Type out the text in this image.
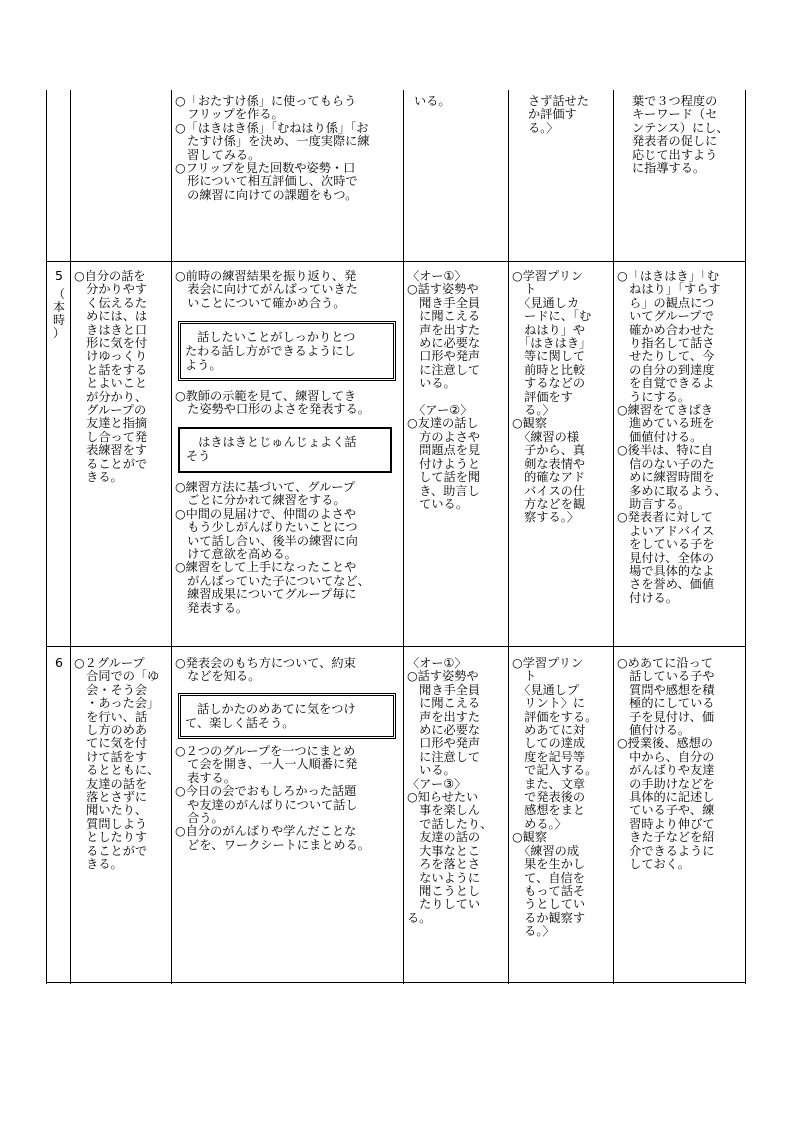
○「おたすけ係」に使ってもらう
　フリップを作る。
○「はきはき係」「むねはり係」「お
　たすけ係」を決め、一度実際に練
　習してみる。
○フリップを見た回数や姿勢・口
　形について相互評価し、次時で
　の練習に向けての課題をもつ。
いる。	さず話せた
か評価す
る。〉
葉で３つ程度の
キーワード（セ
ンテンス）にし、
発表者の促しに
応じて出すよう
に指導する。
5
（
本
時
）
○自分の話を
　分かりやす
　く伝えるた
　めには、は
　きはきと口
　形に気を付
　けゆっくり
　と話をする
　とよいこと
　が分かり、
　グループの
　友達と指摘
　し合って発
　表練習をす
　ることがで
　きる。
○前時の練習結果を振り返り、発
　表会に向けてがんばっていきた
　いことについて確かめ合う。
　話したいことがしっかりとつ
たわる話し方ができるようにし
よう。
○教師の示範を見て、練習してき
　た姿勢や口形のよさを発表する。
　はきはきとじゅんじょよく話
そう
○練習方法に基づいて、グループ
　ごとに分かれて練習をする。
○中間の見届けで、仲間のよさや
　もう少しがんばりたいことにつ
　いて話し合い、後半の練習に向
　けて意欲を高める。
○練習をして上手になったことや
　がんばっていた子についてなど、
　練習成果についてグループ毎に
　発表する。
〈オー①〉
○話す姿勢や
　聞き手全員
　に聞こえる
　声を出すた
　めに必要な
　口形や発声
　に注意して
　いる。

　〈アー②〉
○友達の話し
　方のよさや
　問題点を見
　付けようと
　して話を聞
　き、助言し
　ている。
○学習プリン
　ト
　〈見通しカ
　ードに、「む
　ねはり」や
　「はきはき」
　等に関して
　前時と比較
　するなどの
　評価をす
　る。〉
○観察
　〈練習の様
　子から、真
　剣な表情や
　的確なアド
　バイスの仕
　方などを観
　察する。〉
○「はきはき」「む
　ねはり」「すらす
　ら」の観点につ
　いてグループで
　確かめ合わせた
　り指名して話さ
　せたりして、今
　の自分の到達度
　を自覚できるよ
　うにする。
○練習をてきぱき
　進めている班を
　価値付ける。
○後半は、特に自
　信のない子のた
　めに練習時間を
　多めに取るよう、
　助言する。
○発表者に対して
　よいアドバイス
　をしている子を
　見付け、全体の
　場で具体的なよ
　さを誉め、価値
　付ける。
6 ○２グループ
　合同での「ゆ
　会・そう会
　・あった会」
　を行い、話
　し方のめあ
　てに気を付
　けて話をす
　るとともに、
　友達の話を
　落とさずに
　聞いたり、
　質問しよう
　としたりす
　ることがで
　きる。
○発表会のもち方について、約束
　などを知る。
　話しかたのめあてに気をつけ
て、楽しく話そう。
○２つのグループを一つにまとめ
　て会を開き、一人一人順番に発
　表する。
○今日の会でおもしろかった話題
　や友達のがんばりについて話し
　合う。
○自分のがんばりや学んだことな
　どを、ワークシートにまとめる。
〈オー①〉
○話す姿勢や
　聞き手全員
　に聞こえる
　声を出すた
　めに必要な
　口形や発声
　に注意して
　いる。
〈アー③〉
○知らせたい
　事を楽しん
　で話したり、
　友達の話の
　大事なとこ
　ろを落とさ
　ないように
　聞こうとし
　たりしてい
る。
○学習プリン
　ト
　〈見通しプ
　リント〉に
　評価をする。
　めあてに対
　しての達成
　度を記号等
　で記入する。
　また、文章
　で発表後の
　感想をまと
　める。〉
○観察
　〈練習の成
　果を生かし
　て、自信を
　もって話そ
　うとしてい
　るか観察す
　る。〉
○めあてに沿って
　話している子や
　質問や感想を積
　極的にしている
　子を見付け、価
　値付ける。
○授業後、感想の
　中から、自分の
　がんばりや友達
　の手助けなどを
　具体的に記述し
　ている子や、練
　習時より伸びて
　きた子などを紹
　介できるように
　しておく。
